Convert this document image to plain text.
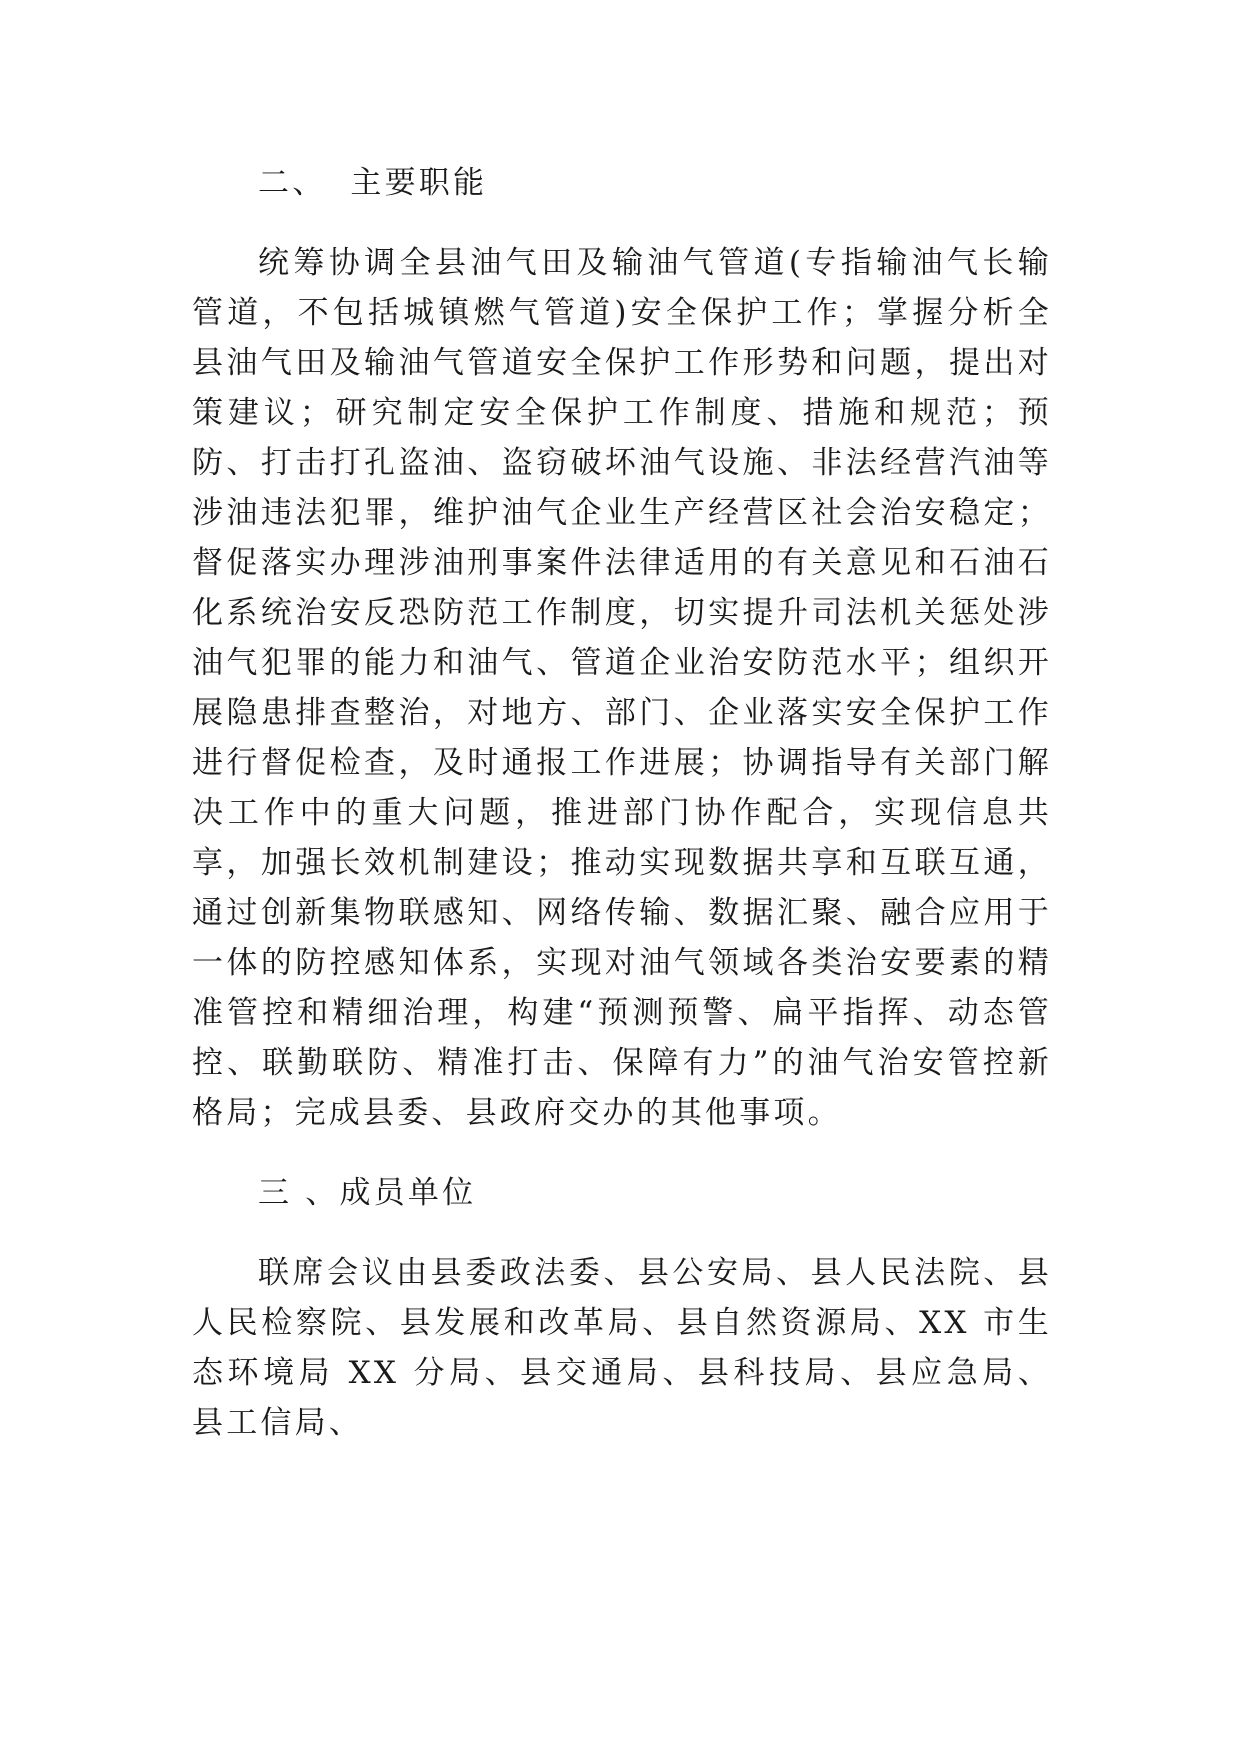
二、 主要职能

统筹协调全县油气田及输油气管道(专指输油气长输管道，不包括城镇燃气管道)安全保护工作；掌握分析全县油气田及输油气管道安全保护工作形势和问题，提出对策建议；研究制定安全保护工作制度、措施和规范；预防、打击打孔盗油、盗窃破坏油气设施、非法经营汽油等涉油违法犯罪，维护油气企业生产经营区社会治安稳定；督促落实办理涉油刑事案件法律适用的有关意见和石油石化系统治安反恐防范工作制度，切实提升司法机关惩处涉油气犯罪的能力和油气、管道企业治安防范水平；组织开展隐患排查整治，对地方、部门、企业落实安全保护工作进行督促检查，及时通报工作进展；协调指导有关部门解决工作中的重大问题，推进部门协作配合，实现信息共享，加强长效机制建设；推动实现数据共享和互联互通，通过创新集物联感知、网络传输、数据汇聚、融合应用于一体的防控感知体系，实现对油气领域各类治安要素的精准管控和精细治理，构建“预测预警、扁平指挥、动态管控、联勤联防、精准打击、保障有力”的油气治安管控新格局；完成县委、县政府交办的其他事项。

三 、成员单位

联席会议由县委政法委、县公安局、县人民法院、县人民检察院、县发展和改革局、县自然资源局、XX 市生态环境局 XX 分局、县交通局、县科技局、县应急局、县工信局、
